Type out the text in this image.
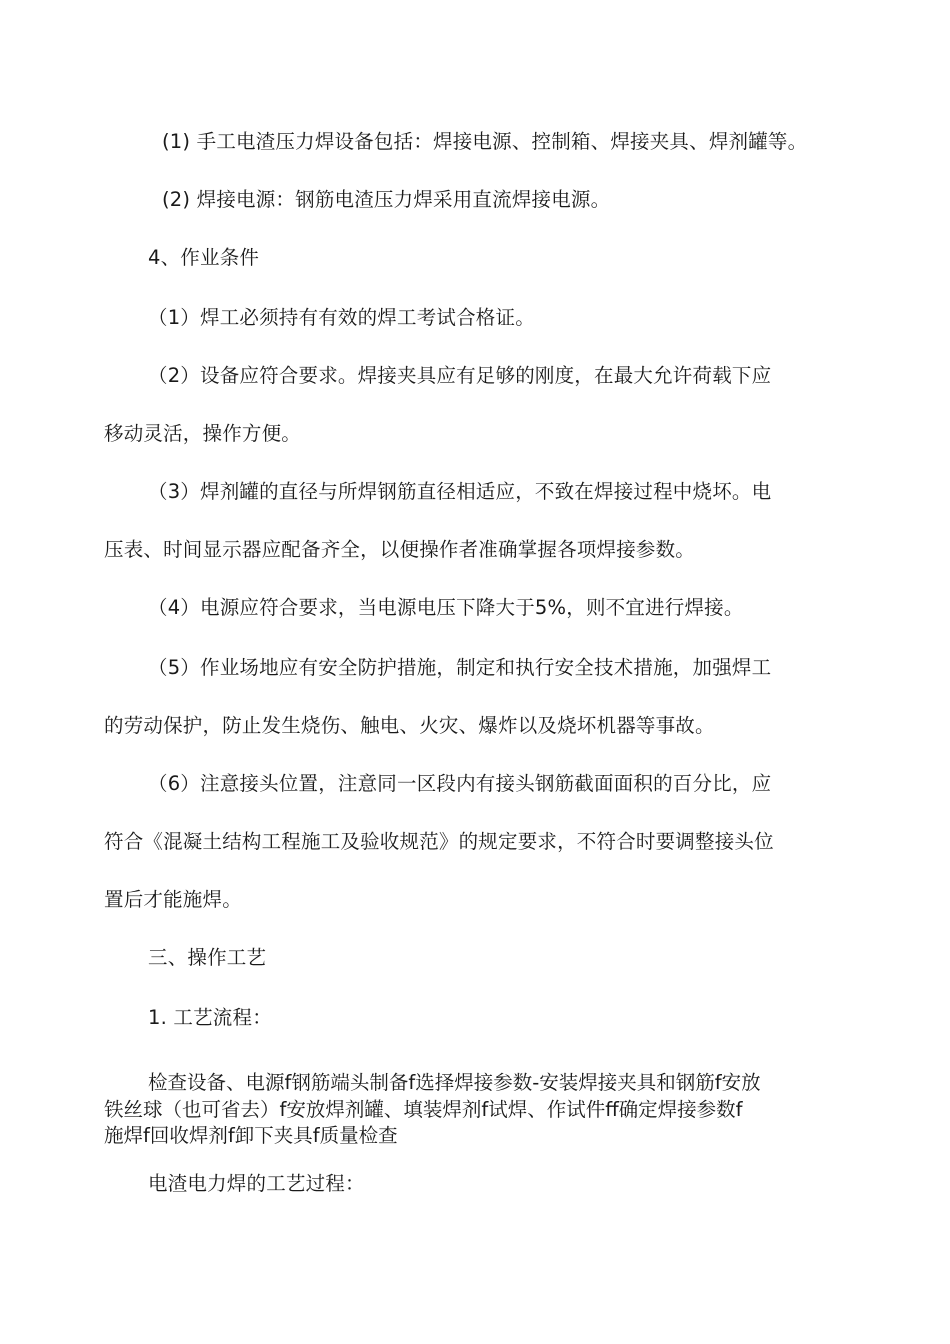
(1) 手工电渣压力焊设备包括：焊接电源、控制箱、焊接夹具、焊剂罐等。

(2) 焊接电源：钢筋电渣压力焊采用直流焊接电源。

4、作业条件

（1）焊工必须持有有效的焊工考试合格证。

（2）设备应符合要求。焊接夹具应有足够的刚度，在最大允许荷载下应

移动灵活，操作方便。

（3）焊剂罐的直径与所焊钢筋直径相适应，不致在焊接过程中烧坏。电

压表、时间显示器应配备齐全，以便操作者准确掌握各项焊接参数。

（4）电源应符合要求，当电源电压下降大于5%，则不宜进行焊接。

（5）作业场地应有安全防护措施，制定和执行安全技术措施，加强焊工

的劳动保护，防止发生烧伤、触电、火灾、爆炸以及烧坏机器等事故。

（6）注意接头位置，注意同一区段内有接头钢筋截面面积的百分比，应

符合《混凝土结构工程施工及验收规范》的规定要求，不符合时要调整接头位

置后才能施焊。

三、操作工艺

1. 工艺流程：

检查设备、电源f钢筋端头制备f选择焊接参数-安装焊接夹具和钢筋f安放

铁丝球（也可省去）f安放焊剂罐、填装焊剂f试焊、作试件ff确定焊接参数f

施焊f回收焊剂f卸下夹具f质量检查

电渣电力焊的工艺过程：
